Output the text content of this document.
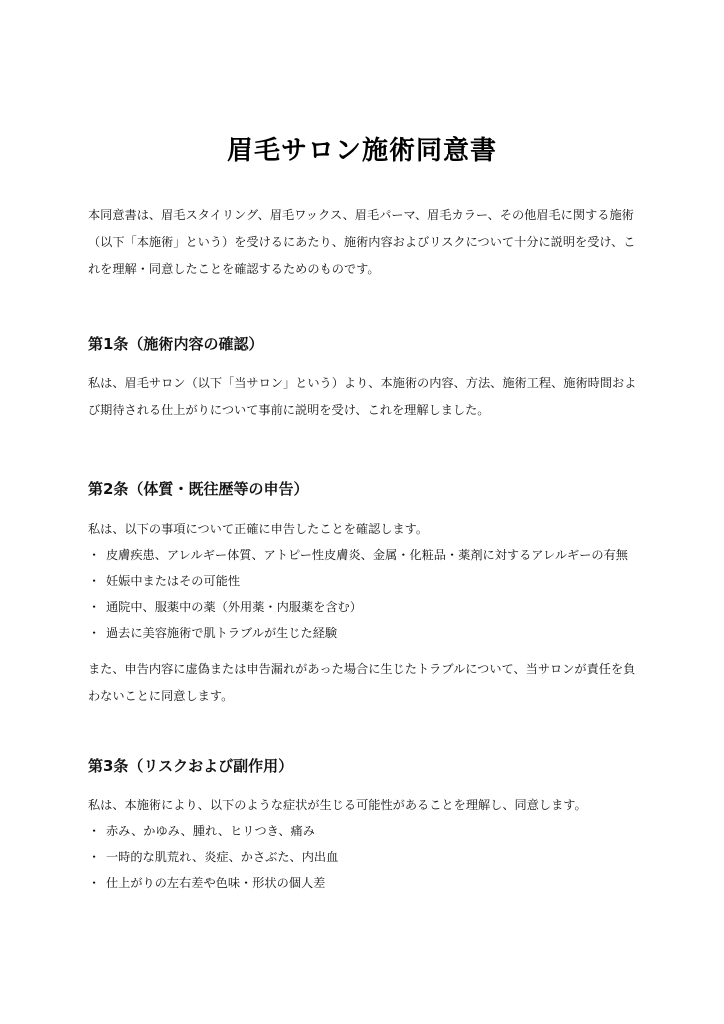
眉毛サロン施術同意書

本同意書は、眉毛スタイリング、眉毛ワックス、眉毛パーマ、眉毛カラー、その他眉毛に関する施術
（以下「本施術」という）を受けるにあたり、施術内容およびリスクについて十分に説明を受け、こ
れを理解・同意したことを確認するためのものです。

第1条（施術内容の確認）

私は、眉毛サロン（以下「当サロン」という）より、本施術の内容、方法、施術工程、施術時間およ
び期待される仕上がりについて事前に説明を受け、これを理解しました。

第2条（体質・既往歴等の申告）

私は、以下の事項について正確に申告したことを確認します。

・ 皮膚疾患、アレルギー体質、アトピー性皮膚炎、金属・化粧品・薬剤に対するアレルギーの有無
・ 妊娠中またはその可能性
・ 通院中、服薬中の薬（外用薬・内服薬を含む）
・ 過去に美容施術で肌トラブルが生じた経験

また、申告内容に虚偽または申告漏れがあった場合に生じたトラブルについて、当サロンが責任を負
わないことに同意します。

第3条（リスクおよび副作用）

私は、本施術により、以下のような症状が生じる可能性があることを理解し、同意します。

・ 赤み、かゆみ、腫れ、ヒリつき、痛み
・ 一時的な肌荒れ、炎症、かさぶた、内出血
・ 仕上がりの左右差や色味・形状の個人差
